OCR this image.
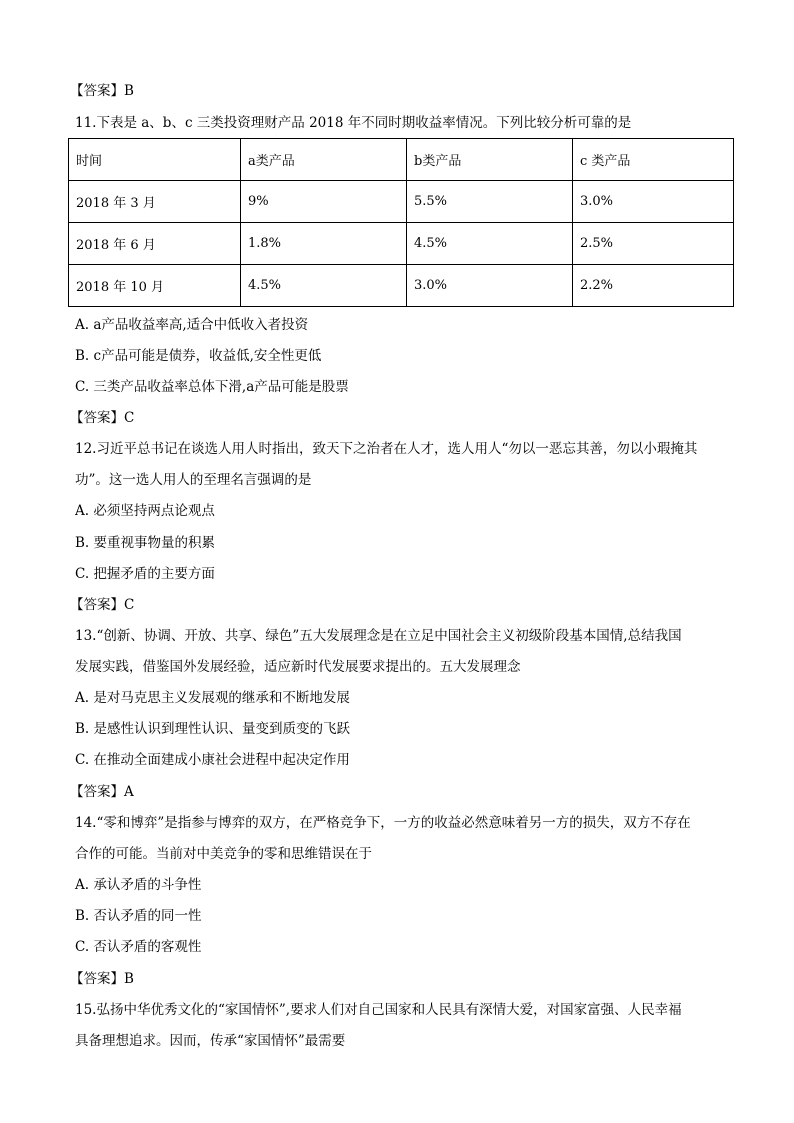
【答案】B
11.下表是 a、b、c 三类投资理财产品 2018 年不同时期收益率情况。下列比较分析可靠的是
时间	a类产品	b类产品	c 类产品
2018 年 3 月	9%	5.5%	3.0%
2018 年 6 月	1.8%	4.5%	2.5%
2018 年 10 月	4.5%	3.0%	2.2%
A. a产品收益率高,适合中低收入者投资
B. c产品可能是债券，收益低,安全性更低
C. 三类产品收益率总体下滑,a产品可能是股票
【答案】C
12.习近平总书记在谈选人用人时指出，致天下之治者在人才，选人用人“勿以一恶忘其善，勿以小瑕掩其
功”。这一选人用人的至理名言强调的是
A. 必须坚持两点论观点
B. 要重视事物量的积累
C. 把握矛盾的主要方面
【答案】C
13.“创新、协调、开放、共享、绿色”五大发展理念是在立足中国社会主义初级阶段基本国情,总结我国
发展实践，借鉴国外发展经验，适应新时代发展要求提出的。五大发展理念
A. 是对马克思主义发展观的继承和不断地发展
B. 是感性认识到理性认识、量变到质变的飞跃
C. 在推动全面建成小康社会进程中起决定作用
【答案】A
14.“零和博弈”是指参与博弈的双方，在严格竞争下，一方的收益必然意味着另一方的损失，双方不存在
合作的可能。当前对中美竞争的零和思维错误在于
A. 承认矛盾的斗争性
B. 否认矛盾的同一性
C. 否认矛盾的客观性
【答案】B
15.弘扬中华优秀文化的“家国情怀”,要求人们对自己国家和人民具有深情大爱，对国家富强、人民幸福
具备理想追求。因而，传承“家国情怀”最需要
